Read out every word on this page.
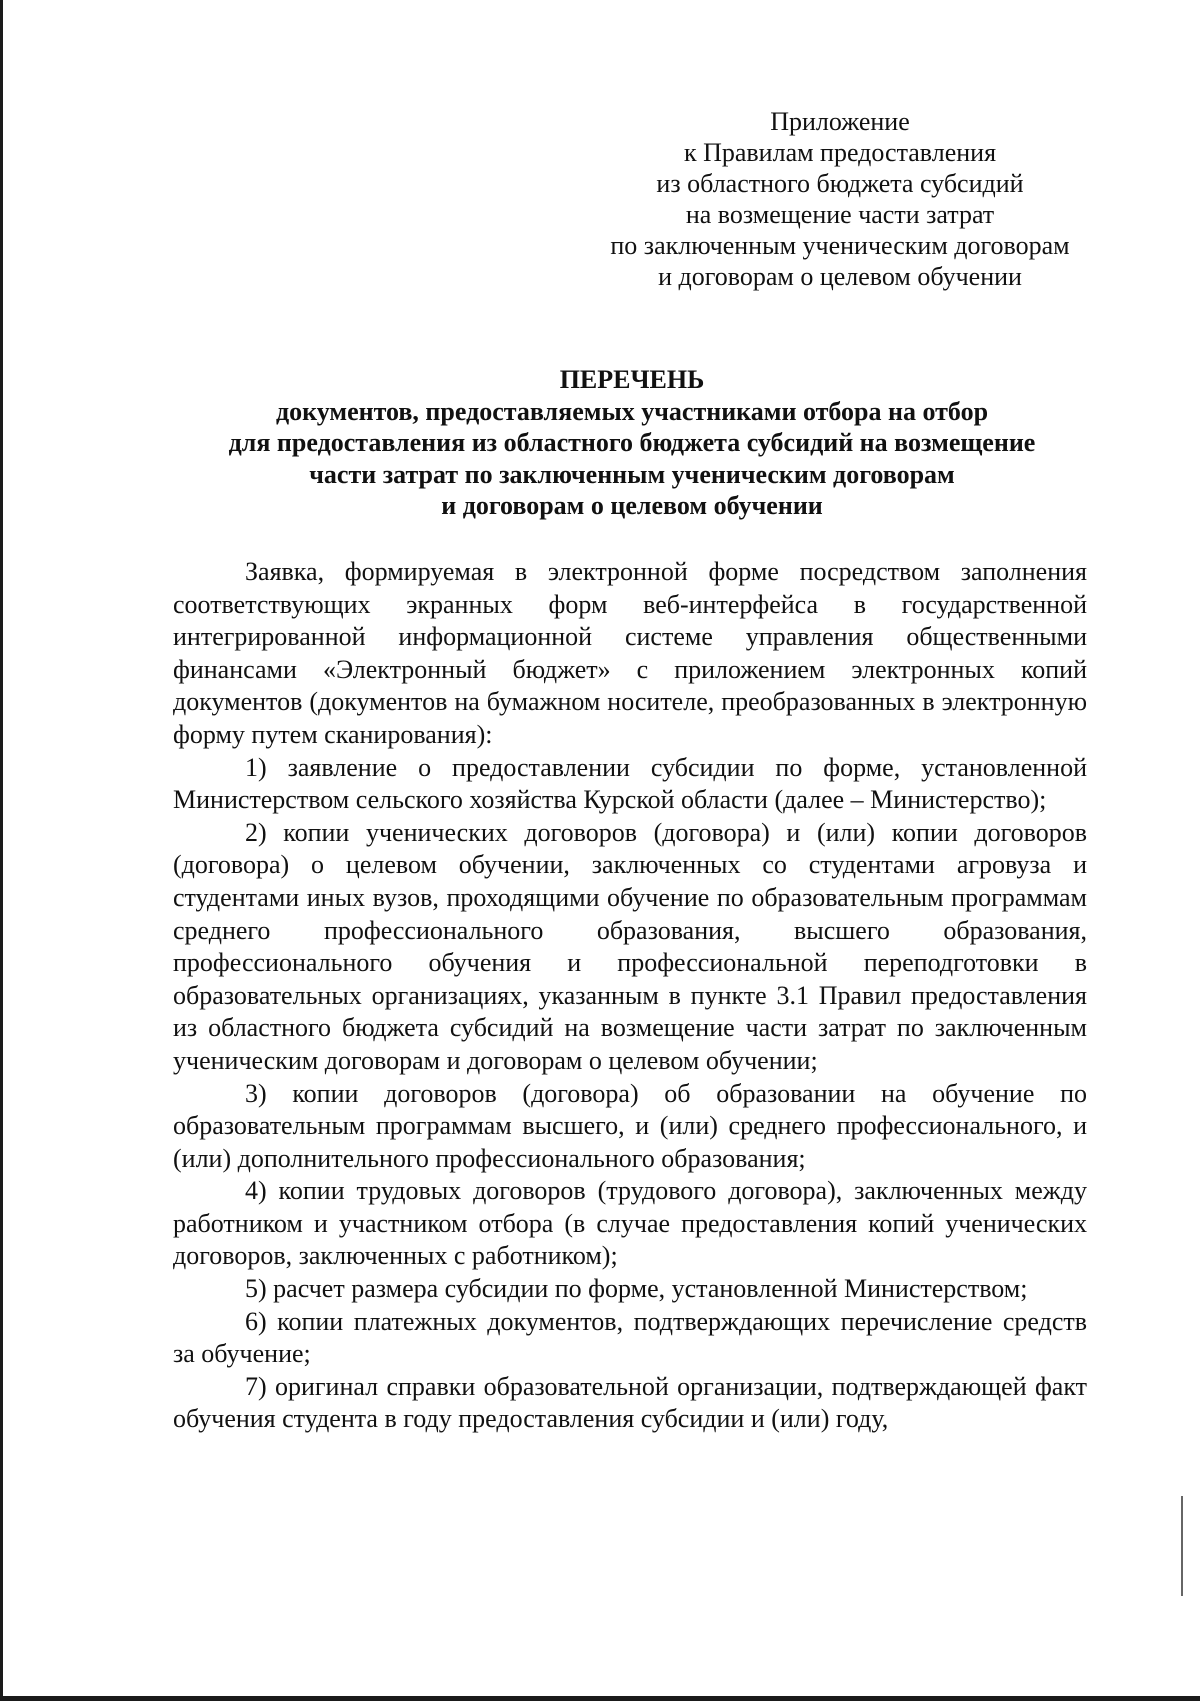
Приложение
к Правилам предоставления
из областного бюджета субсидий
на возмещение части затрат
по заключенным ученическим договорам
и договорам о целевом обучении
ПЕРЕЧЕНЬ
документов, предоставляемых участниками отбора на отбор
для предоставления из областного бюджета субсидий на возмещение
части затрат по заключенным ученическим договорам
и договорам о целевом обучении

Заявка, формируемая в электронной форме посредством заполнения соответствующих экранных форм веб-интерфейса в государственной интегрированной информационной системе управления общественными финансами «Электронный бюджет» с приложением электронных копий документов (документов на бумажном носителе, преобразованных в электронную форму путем сканирования):

1) заявление о предоставлении субсидии по форме, установленной Министерством сельского хозяйства Курской области (далее – Министерство);

2) копии ученических договоров (договора) и (или) копии договоров (договора) о целевом обучении, заключенных со студентами агровуза и студентами иных вузов, проходящими обучение по образовательным программам среднего профессионального образования, высшего образования, профессионального обучения и профессиональной переподготовки в образовательных организациях, указанным в пункте 3.1 Правил предоставления из областного бюджета субсидий на возмещение части затрат по заключенным ученическим договорам и договорам о целевом обучении;

3) копии договоров (договора) об образовании на обучение по образовательным программам высшего, и (или) среднего профессионального, и (или) дополнительного профессионального образования;

4) копии трудовых договоров (трудового договора), заключенных между работником и участником отбора (в случае предоставления копий ученических договоров, заключенных с работником);

5) расчет размера субсидии по форме, установленной Министерством;

6) копии платежных документов, подтверждающих перечисление средств за обучение;

7) оригинал справки образовательной организации, подтверждающей факт обучения студента в году предоставления субсидии и (или) году,
